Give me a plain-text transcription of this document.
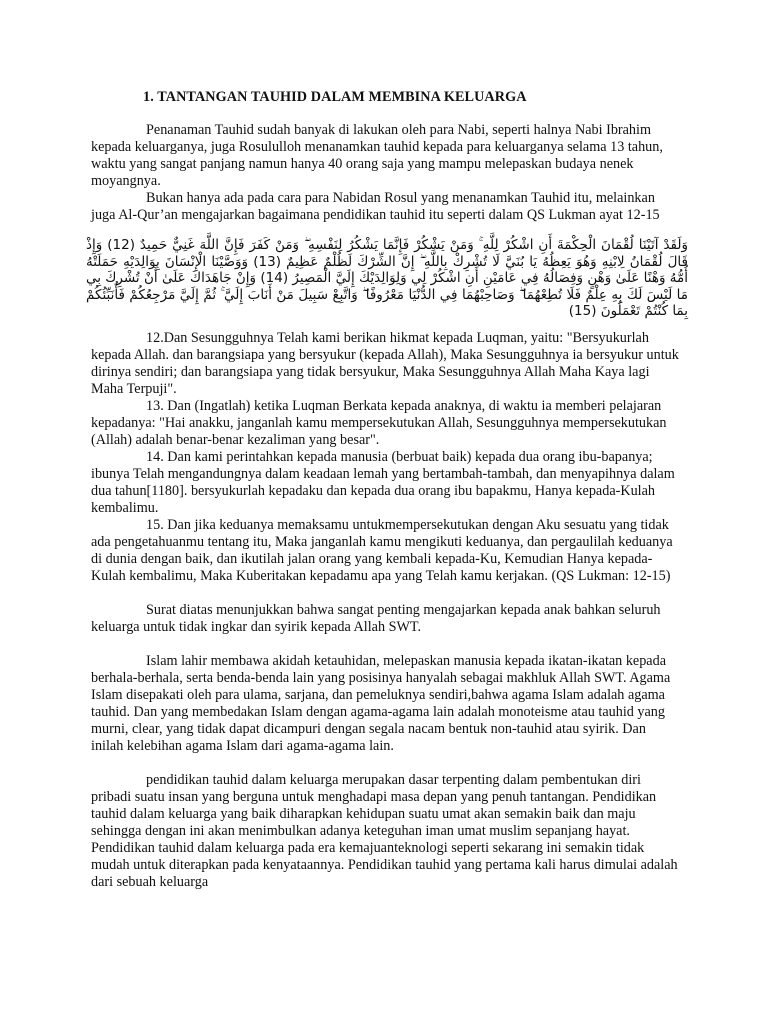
1. TANTANGAN TAUHID DALAM MEMBINA KELUARGA

Penanaman Tauhid sudah banyak di lakukan oleh para Nabi, seperti halnya Nabi Ibrahim kepada keluarganya, juga Rosululloh menanamkan tauhid kepada para keluarganya selama 13 tahun, waktu yang sangat panjang namun hanya 40 orang saja yang mampu melepaskan budaya nenek moyangnya.

Bukan hanya ada pada cara para Nabidan Rosul yang menanamkan Tauhid itu, melainkan juga Al-Qur’an mengajarkan bagaimana pendidikan tauhid itu seperti dalam QS Lukman ayat 12-15

وَلَقَدْ آتَيْنَا لُقْمَانَ الْحِكْمَةَ أَنِ اشْكُرْ لِلَّهِ ۚ وَمَنْ يَشْكُرْ فَإِنَّمَا يَشْكُرُ لِنَفْسِهِ ۖ وَمَنْ كَفَرَ فَإِنَّ اللَّهَ غَنِيٌّ حَمِيدٌ (12) وَإِذْ قَالَ لُقْمَانُ لِابْنِهِ وَهُوَ يَعِظُهُ يَا بُنَيَّ لَا تُشْرِكْ بِاللَّهِ ۖ إِنَّ الشِّرْكَ لَظُلْمٌ عَظِيمٌ (13) وَوَصَّيْنَا الْإِنْسَانَ بِوَالِدَيْهِ حَمَلَتْهُ أُمُّهُ وَهْنًا عَلَىٰ وَهْنٍ وَفِصَالُهُ فِي عَامَيْنِ أَنِ اشْكُرْ لِي وَلِوَالِدَيْكَ إِلَيَّ الْمَصِيرُ (14) وَإِنْ جَاهَدَاكَ عَلَىٰ أَنْ تُشْرِكَ بِي مَا لَيْسَ لَكَ بِهِ عِلْمٌ فَلَا تُطِعْهُمَا ۖ وَصَاحِبْهُمَا فِي الدُّنْيَا مَعْرُوفًا ۖ وَاتَّبِعْ سَبِيلَ مَنْ أَنَابَ إِلَيَّ ۚ ثُمَّ إِلَيَّ مَرْجِعُكُمْ فَأُنَبِّئُكُمْ بِمَا كُنْتُمْ تَعْمَلُونَ (15)

12.Dan Sesungguhnya Telah kami berikan hikmat kepada Luqman, yaitu: "Bersyukurlah kepada Allah. dan barangsiapa yang bersyukur (kepada Allah), Maka Sesungguhnya ia bersyukur untuk dirinya sendiri; dan barangsiapa yang tidak bersyukur, Maka Sesungguhnya Allah Maha Kaya lagi Maha Terpuji".

13. Dan (Ingatlah) ketika Luqman Berkata kepada anaknya, di waktu ia memberi pelajaran kepadanya: "Hai anakku, janganlah kamu mempersekutukan Allah, Sesungguhnya mempersekutukan (Allah) adalah benar-benar kezaliman yang besar".

14. Dan kami perintahkan kepada manusia (berbuat baik) kepada dua orang ibu-bapanya; ibunya Telah mengandungnya dalam keadaan lemah yang bertambah-tambah, dan menyapihnya dalam dua tahun[1180]. bersyukurlah kepadaku dan kepada dua orang ibu bapakmu, Hanya kepada-Kulah kembalimu.

15. Dan jika keduanya memaksamu untukmempersekutukan dengan Aku sesuatu yang tidak ada pengetahuanmu tentang itu, Maka janganlah kamu mengikuti keduanya, dan pergaulilah keduanya di dunia dengan baik, dan ikutilah jalan orang yang kembali kepada-Ku, Kemudian Hanya kepada-Kulah kembalimu, Maka Kuberitakan kepadamu apa yang Telah kamu kerjakan. (QS Lukman: 12-15)

Surat diatas menunjukkan bahwa sangat penting mengajarkan kepada anak bahkan seluruh keluarga untuk tidak ingkar dan syirik kepada Allah SWT.

Islam lahir membawa akidah ketauhidan, melepaskan manusia kepada ikatan-ikatan kepada berhala-berhala, serta benda-benda lain yang posisinya hanyalah sebagai makhluk Allah SWT. Agama Islam disepakati oleh para ulama, sarjana, dan pemeluknya sendiri,bahwa agama Islam adalah agama tauhid. Dan yang membedakan Islam dengan agama-agama lain adalah monoteisme atau tauhid yang murni, clear, yang tidak dapat dicampuri dengan segala nacam bentuk non-tauhid atau syirik. Dan inilah kelebihan agama Islam dari agama-agama lain.

pendidikan tauhid dalam keluarga merupakan dasar terpenting dalam pembentukan diri pribadi suatu insan yang berguna untuk menghadapi masa depan yang penuh tantangan. Pendidikan tauhid dalam keluarga yang baik diharapkan kehidupan suatu umat akan semakin baik dan maju sehingga dengan ini akan menimbulkan adanya keteguhan iman umat muslim sepanjang hayat. Pendidikan tauhid dalam keluarga pada era kemajuanteknologi seperti sekarang ini semakin tidak mudah untuk diterapkan pada kenyataannya. Pendidikan tauhid yang pertama kali harus dimulai adalah dari sebuah keluarga
